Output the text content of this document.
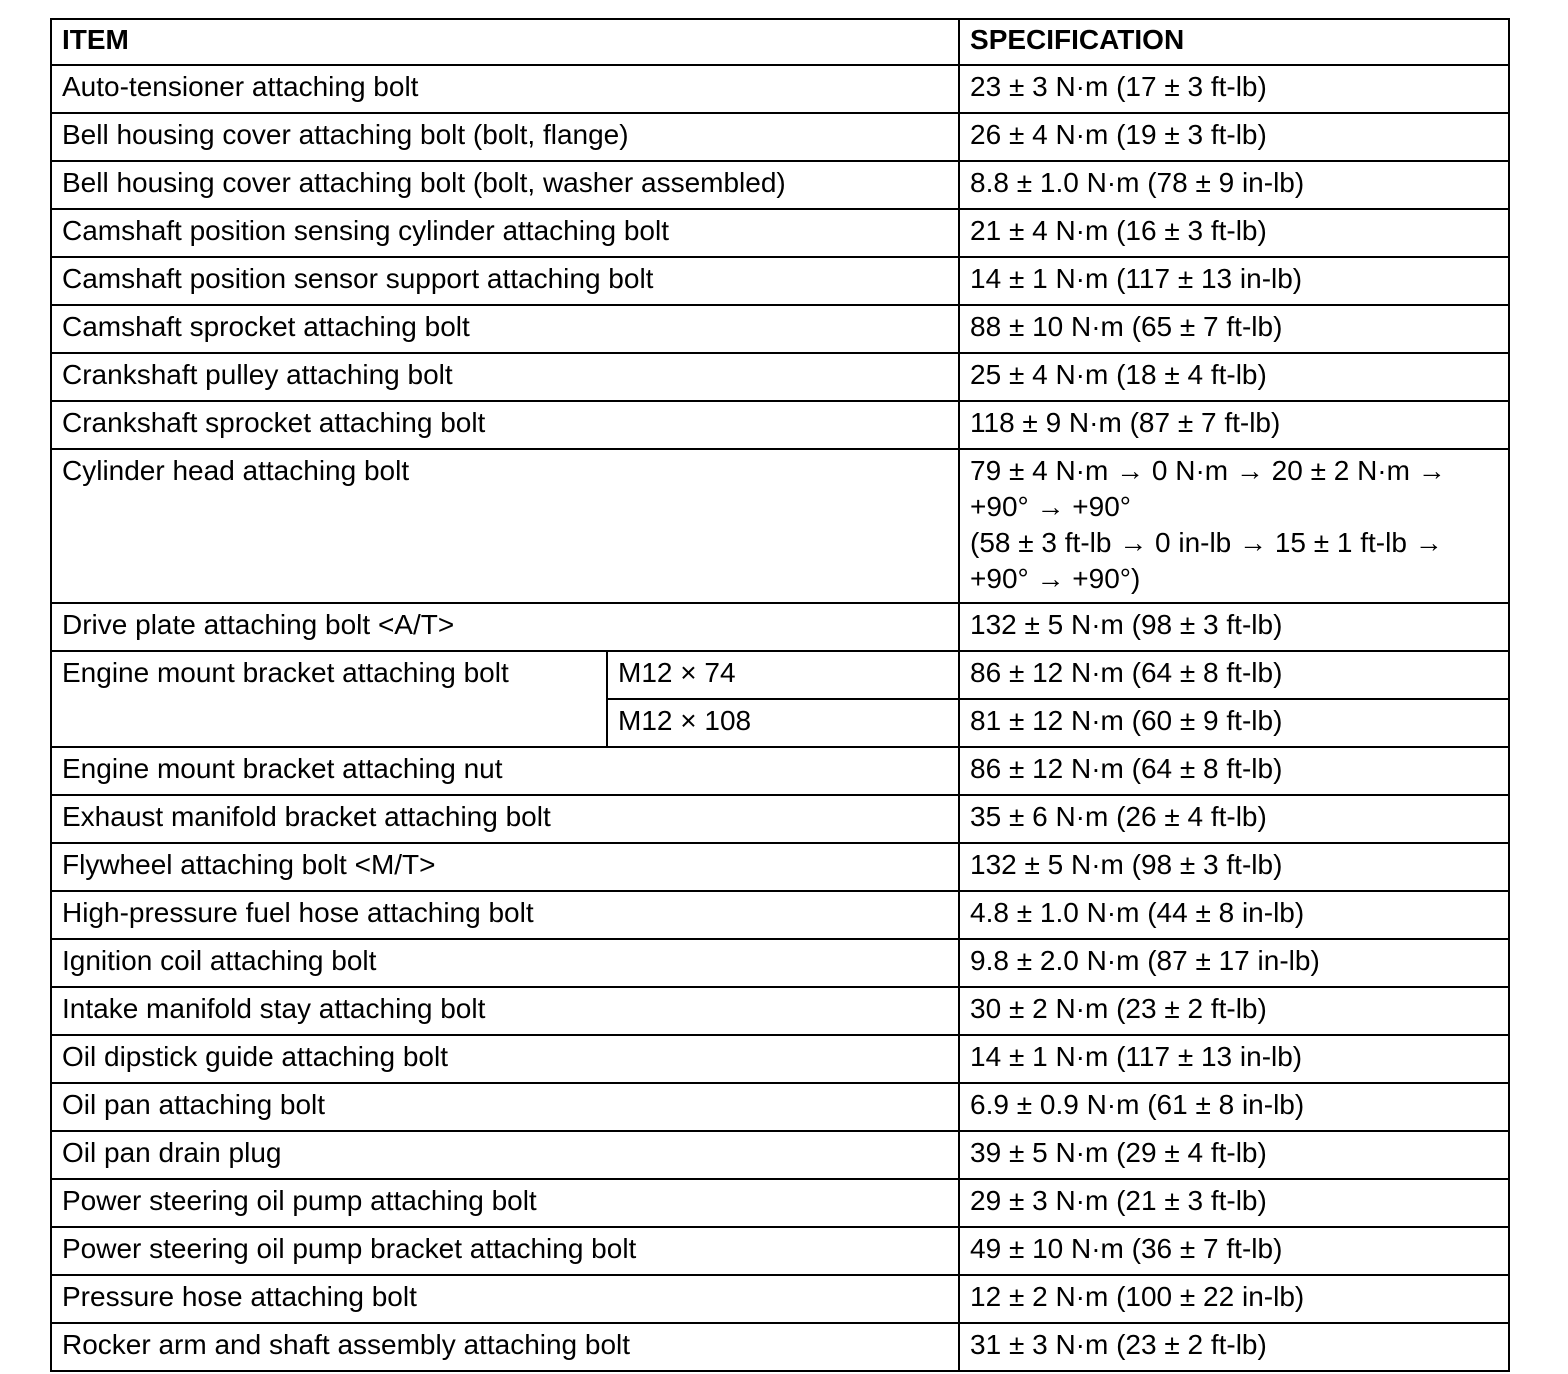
ITEM		SPECIFICATION
Auto-tensioner attaching bolt		23 ± 3 N·m (17 ± 3 ft-lb)
Bell housing cover attaching bolt (bolt, flange)		26 ± 4 N·m (19 ± 3 ft-lb)
Bell housing cover attaching bolt (bolt, washer assembled)		8.8 ± 1.0 N·m (78 ± 9 in-lb)
Camshaft position sensing cylinder attaching bolt		21 ± 4 N·m (16 ± 3 ft-lb)
Camshaft position sensor support attaching bolt		14 ± 1 N·m (117 ± 13 in-lb)
Camshaft sprocket attaching bolt		88 ± 10 N·m (65 ± 7 ft-lb)
Crankshaft pulley attaching bolt		25 ± 4 N·m (18 ± 4 ft-lb)
Crankshaft sprocket attaching bolt		118 ± 9 N·m (87 ± 7 ft-lb)
Cylinder head attaching bolt		79 ± 4 N·m → 0 N·m → 20 ± 2 N·m →
+90° → +90°
(58 ± 3 ft-lb → 0 in-lb → 15 ± 1 ft-lb →
+90° → +90°)

Drive plate attaching bolt <A/T>		132 ± 5 N·m (98 ± 3 ft-lb)
Engine mount bracket attaching bolt	M12 × 74	86 ± 12 N·m (64 ± 8 ft-lb)
	M12 × 108	81 ± 12 N·m (60 ± 9 ft-lb)
Engine mount bracket attaching nut		86 ± 12 N·m (64 ± 8 ft-lb)
Exhaust manifold bracket attaching bolt		35 ± 6 N·m (26 ± 4 ft-lb)
Flywheel attaching bolt <M/T>		132 ± 5 N·m (98 ± 3 ft-lb)
High-pressure fuel hose attaching bolt		4.8 ± 1.0 N·m (44 ± 8 in-lb)
Ignition coil attaching bolt		9.8 ± 2.0 N·m (87 ± 17 in-lb)
Intake manifold stay attaching bolt		30 ± 2 N·m (23 ± 2 ft-lb)
Oil dipstick guide attaching bolt		14 ± 1 N·m (117 ± 13 in-lb)
Oil pan attaching bolt		6.9 ± 0.9 N·m (61 ± 8 in-lb)
Oil pan drain plug		39 ± 5 N·m (29 ± 4 ft-lb)
Power steering oil pump attaching bolt		29 ± 3 N·m (21 ± 3 ft-lb)
Power steering oil pump bracket attaching bolt		49 ± 10 N·m (36 ± 7 ft-lb)
Pressure hose attaching bolt		12 ± 2 N·m (100 ± 22 in-lb)
Rocker arm and shaft assembly attaching bolt		31 ± 3 N·m (23 ± 2 ft-lb)
